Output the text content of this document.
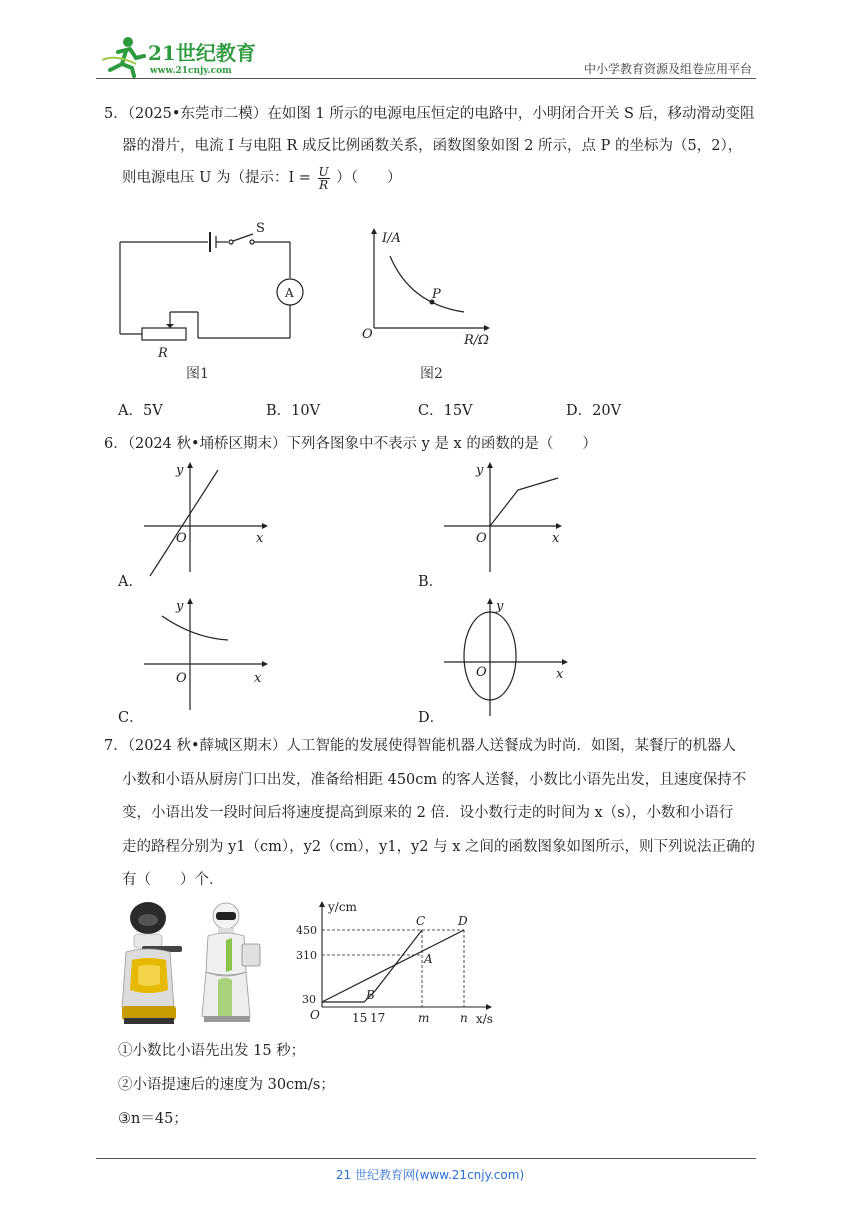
21世纪教育
www.21cnjy.com	中小学教育资源及组卷应用平台

5．（2025•东莞市二模）在如图 1 所示的电源电压恒定的电路中，小明闭合开关 S 后，移动滑动变阻

器的滑片，电流 I 与电阻 R 成反比例函数关系，函数图象如图 2 所示，点 P 的坐标为（5，2），

则电源电压 U 为（提示：$I = \frac{U}{R}$ ）（　　）

S
A
R
图1
I/A
R/Ω
O
P
图2
A．5V	B．10V	C．15V	D．20V

6．（2024 秋•埇桥区期末）下列各图象中不表示 y 是 x 的函数的是（　　）

y
x
O
y
x
O
A．	B．
y
x
O
y
x
O
C．	D．

7．（2024 秋•薛城区期末）人工智能的发展使得智能机器人送餐成为时尚．如图，某餐厅的机器人

小数和小语从厨房门口出发，准备给相距 450cm 的客人送餐，小数比小语先出发，且速度保持不

变，小语出发一段时间后将速度提高到原来的 2 倍．设小数行走的时间为 x（s），小数和小语行

走的路程分别为 y1（cm），y2（cm），y1，y2 与 x 之间的函数图象如图所示，则下列说法正确的

有（　　）个．

y/cm
x/s
O
450
310
30
15 17	m	n
A
B
C	D

①小数比小语先出发 15 秒；

②小语提速后的速度为 30cm/s；

③n＝45；

21 世纪教育网(www.21cnjy.com)
